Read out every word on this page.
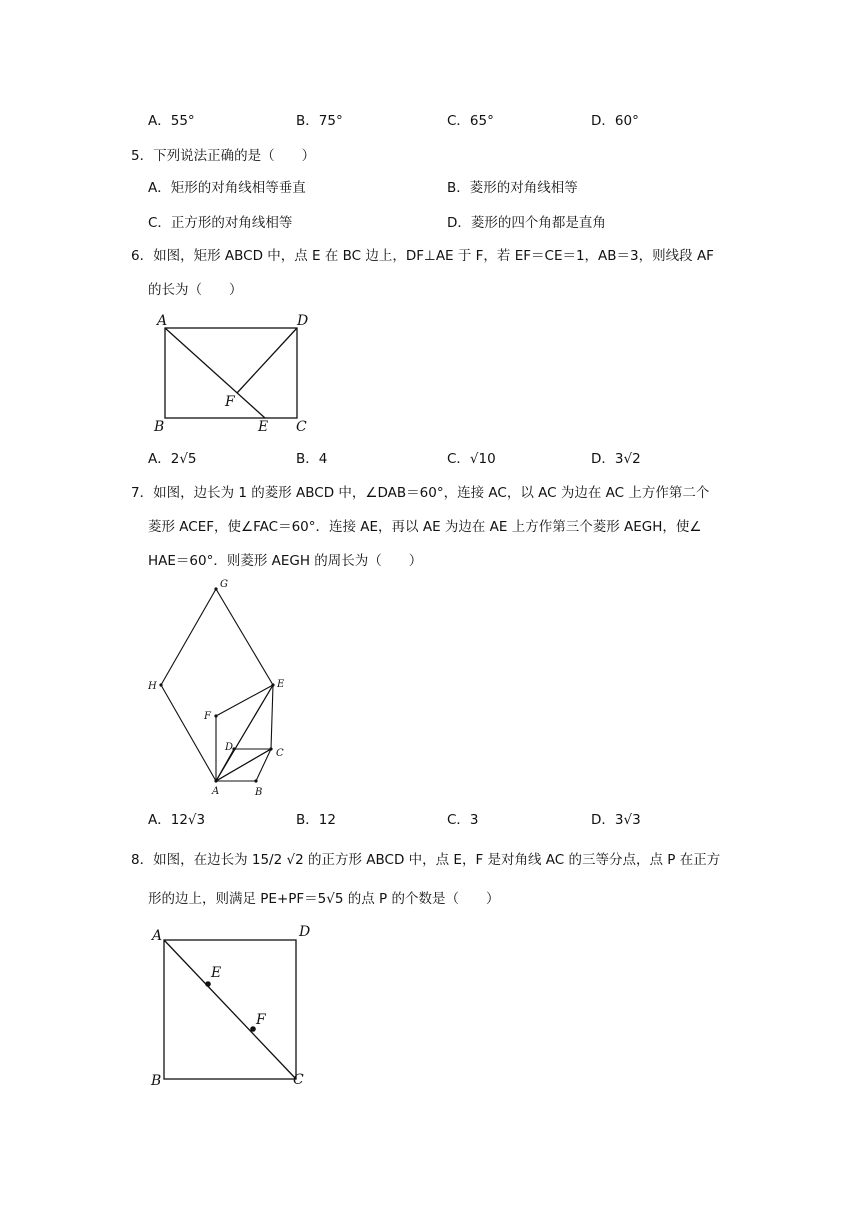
A．55°	B．75°	C．65°	D．60°
5．下列说法正确的是（　　）
A．矩形的对角线相等垂直	B．菱形的对角线相等
C．正方形的对角线相等	D．菱形的四个角都是直角
6．如图，矩形 ABCD 中，点 E 在 BC 边上，DF⊥AE 于 F，若 EF＝CE＝1，AB＝3，则线段 AF
的长为（　　）
A	D
F
B	E C
A．2√5	B．4	C．√10	D．3√2
7．如图，边长为 1 的菱形 ABCD 中，∠DAB＝60°，连接 AC，以 AC 为边在 AC 上方作第二个
菱形 ACEF，使∠FAC＝60°．连接 AE，再以 AE 为边在 AE 上方作第三个菱形 AEGH，使∠
HAE＝60°．则菱形 AEGH 的周长为（　　）
G
H	E
F
D
C
A	B
A．12√3	B．12	C．3	D．3√3
8．如图，在边长为 15/2 √2 的正方形 ABCD 中，点 E，F 是对角线 AC 的三等分点，点 P 在正方
形的边上，则满足 PE+PF＝5√5 的点 P 的个数是（　　）
A	D
E
F
B	C
